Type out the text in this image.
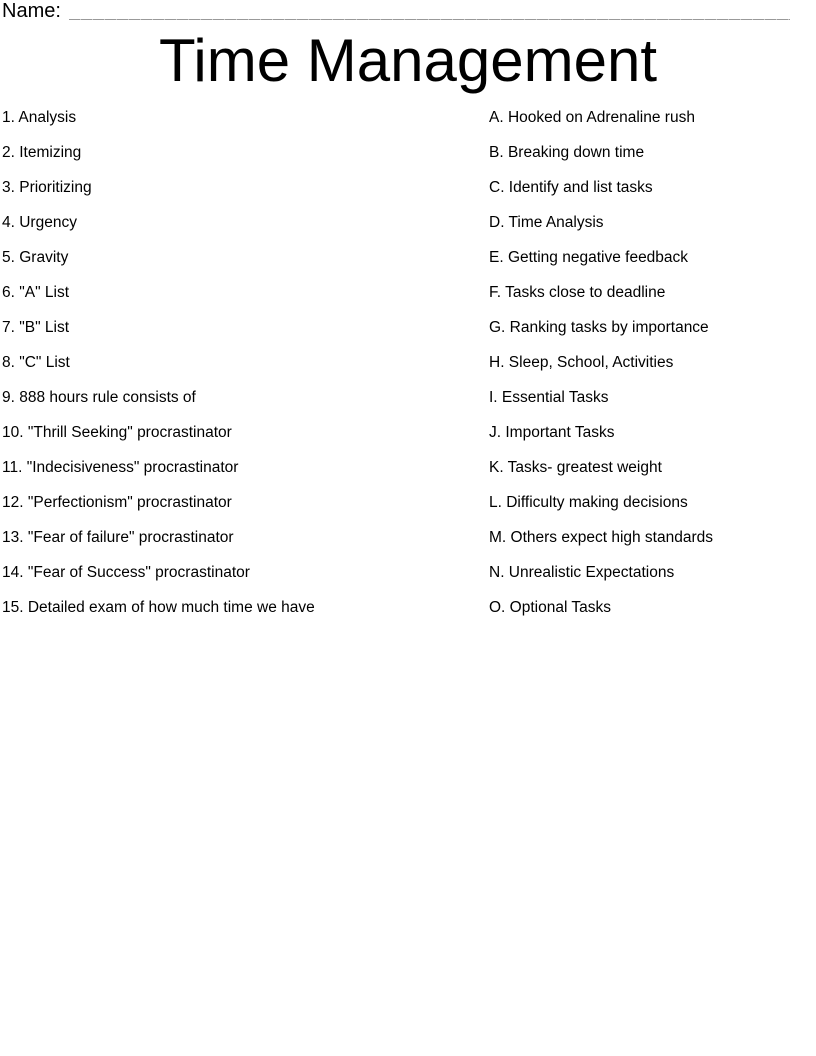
Name:
Time Management
1. Analysis
2. Itemizing
3. Prioritizing
4. Urgency
5. Gravity
6. "A" List
7. "B" List
8. "C" List
9. 888 hours rule consists of
10. "Thrill Seeking" procrastinator
11. "Indecisiveness" procrastinator
12. "Perfectionism" procrastinator
13. "Fear of failure" procrastinator
14. "Fear of Success" procrastinator
15. Detailed exam of how much time we have
A. Hooked on Adrenaline rush
B. Breaking down time
C. Identify and list tasks
D. Time Analysis
E. Getting negative feedback
F. Tasks close to deadline
G. Ranking tasks by importance
H. Sleep, School, Activities
I. Essential Tasks
J. Important Tasks
K. Tasks- greatest weight
L. Difficulty making decisions
M. Others expect high standards
N. Unrealistic Expectations
O. Optional Tasks
